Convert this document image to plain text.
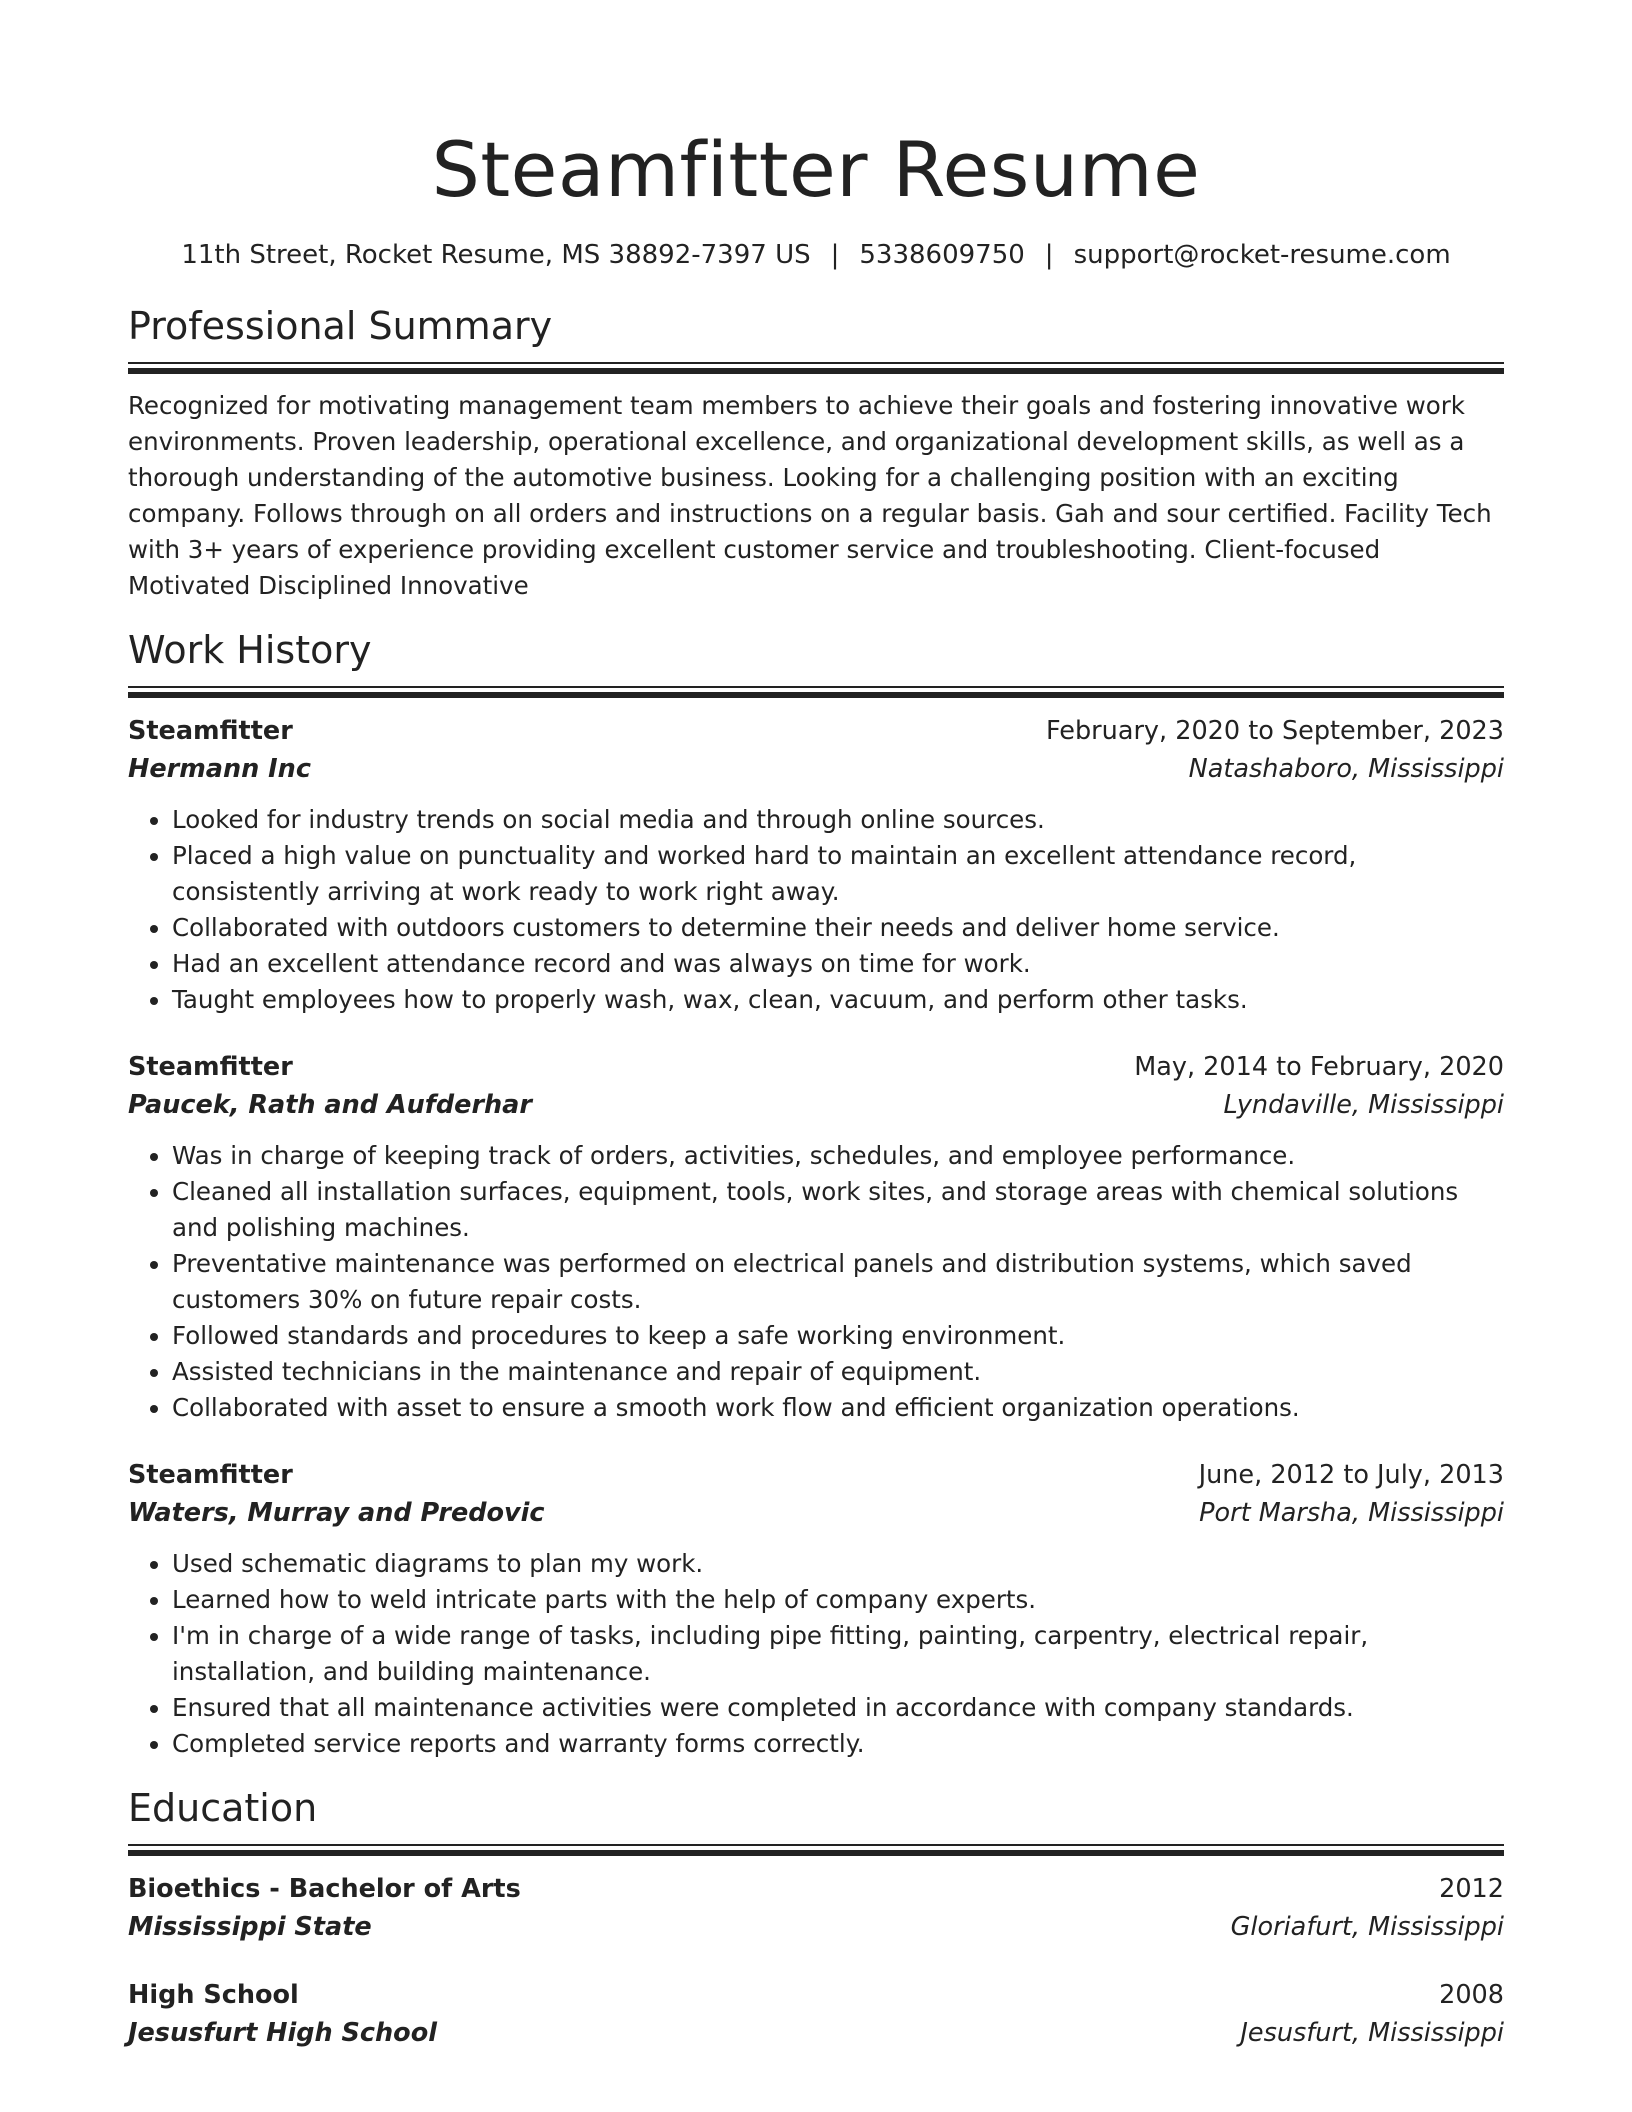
Steamfitter Resume
11th Street, Rocket Resume, MS 38892-7397 US | 5338609750 | support@rocket-resume.com
Professional Summary

Recognized for motivating management team members to achieve their goals and fostering innovative work environments. Proven leadership, operational excellence, and organizational development skills, as well as a thorough understanding of the automotive business. Looking for a challenging position with an exciting company. Follows through on all orders and instructions on a regular basis. Gah and sour certified. Facility Tech with 3+ years of experience providing excellent customer service and troubleshooting. Client-focused Motivated Disciplined Innovative

Work History
Steamfitter	February, 2020 to September, 2023
Hermann Inc	Natashaboro, Mississippi
• Looked for industry trends on social media and through online sources.
• Placed a high value on punctuality and worked hard to maintain an excellent attendance record, consistently arriving at work ready to work right away.
• Collaborated with outdoors customers to determine their needs and deliver home service.
• Had an excellent attendance record and was always on time for work.
• Taught employees how to properly wash, wax, clean, vacuum, and perform other tasks.
Steamfitter	May, 2014 to February, 2020
Paucek, Rath and Aufderhar	Lyndaville, Mississippi
• Was in charge of keeping track of orders, activities, schedules, and employee performance.
• Cleaned all installation surfaces, equipment, tools, work sites, and storage areas with chemical solutions and polishing machines.
• Preventative maintenance was performed on electrical panels and distribution systems, which saved customers 30% on future repair costs.
• Followed standards and procedures to keep a safe working environment.
• Assisted technicians in the maintenance and repair of equipment.
• Collaborated with asset to ensure a smooth work flow and efficient organization operations.
Steamfitter	June, 2012 to July, 2013
Waters, Murray and Predovic	Port Marsha, Mississippi
• Used schematic diagrams to plan my work.
• Learned how to weld intricate parts with the help of company experts.
• I'm in charge of a wide range of tasks, including pipe fitting, painting, carpentry, electrical repair, installation, and building maintenance.
• Ensured that all maintenance activities were completed in accordance with company standards.
• Completed service reports and warranty forms correctly.
Education
Bioethics - Bachelor of Arts	2012
Mississippi State	Gloriafurt, Mississippi
High School	2008
Jesusfurt High School	Jesusfurt, Mississippi
